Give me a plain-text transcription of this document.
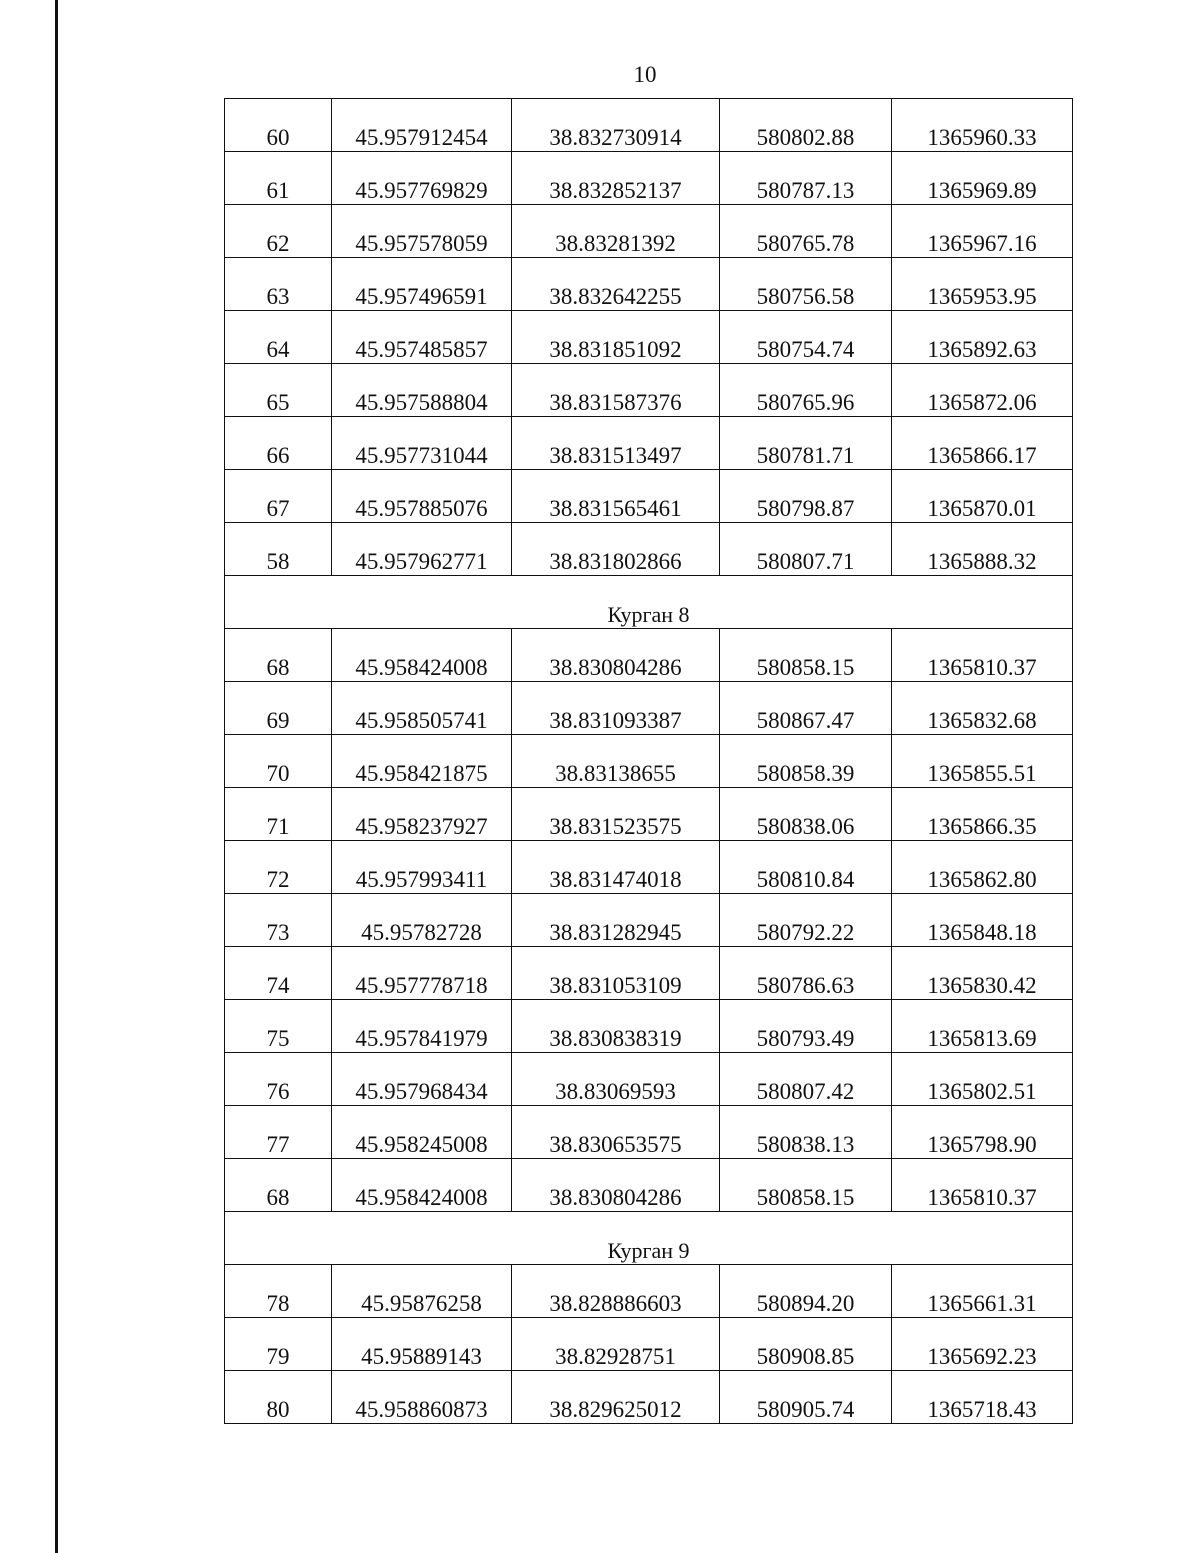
10
60	45.957912454	38.832730914	580802.88	1365960.33
61	45.957769829	38.832852137	580787.13	1365969.89
62	45.957578059	38.83281392	580765.78	1365967.16
63	45.957496591	38.832642255	580756.58	1365953.95
64	45.957485857	38.831851092	580754.74	1365892.63
65	45.957588804	38.831587376	580765.96	1365872.06
66	45.957731044	38.831513497	580781.71	1365866.17
67	45.957885076	38.831565461	580798.87	1365870.01
58	45.957962771	38.831802866	580807.71	1365888.32
Курган 8				
68	45.958424008	38.830804286	580858.15	1365810.37
69	45.958505741	38.831093387	580867.47	1365832.68
70	45.958421875	38.83138655	580858.39	1365855.51
71	45.958237927	38.831523575	580838.06	1365866.35
72	45.957993411	38.831474018	580810.84	1365862.80
73	45.95782728	38.831282945	580792.22	1365848.18
74	45.957778718	38.831053109	580786.63	1365830.42
75	45.957841979	38.830838319	580793.49	1365813.69
76	45.957968434	38.83069593	580807.42	1365802.51
77	45.958245008	38.830653575	580838.13	1365798.90
68	45.958424008	38.830804286	580858.15	1365810.37
Курган 9				
78	45.95876258	38.828886603	580894.20	1365661.31
79	45.95889143	38.82928751	580908.85	1365692.23
80	45.958860873	38.829625012	580905.74	1365718.43
